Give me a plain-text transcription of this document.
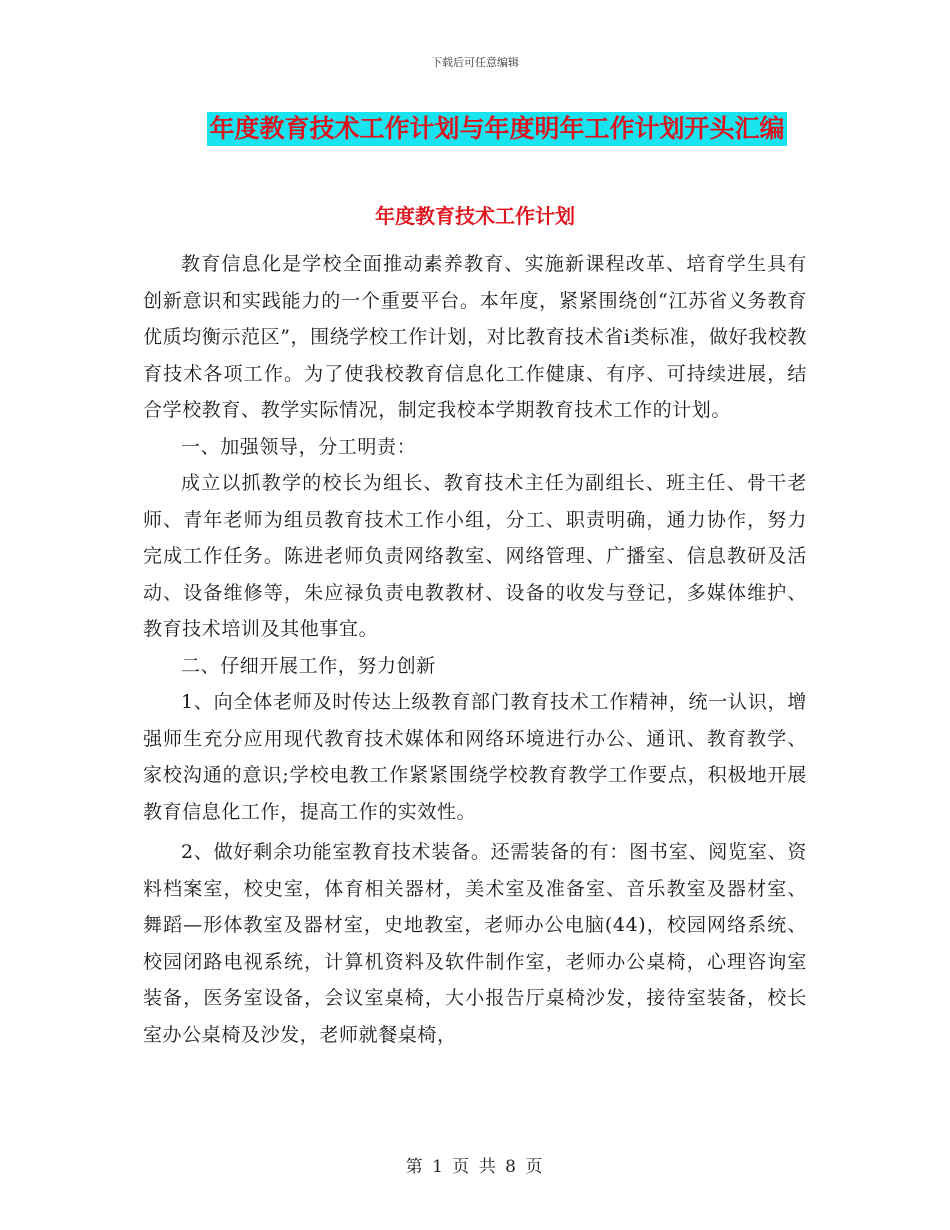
下载后可任意编辑
年度教育技术工作计划与年度明年工作计划开头汇编
年度教育技术工作计划

教育信息化是学校全面推动素养教育、实施新课程改革、培育学生具有创新意识和实践能力的一个重要平台。本年度，紧紧围绕创“江苏省义务教育优质均衡示范区”，围绕学校工作计划，对比教育技术省ⅰ类标准，做好我校教育技术各项工作。为了使我校教育信息化工作健康、有序、可持续进展，结合学校教育、教学实际情况，制定我校本学期教育技术工作的计划。

一、加强领导，分工明责：

成立以抓教学的校长为组长、教育技术主任为副组长、班主任、骨干老师、青年老师为组员教育技术工作小组，分工、职责明确，通力协作，努力完成工作任务。陈进老师负责网络教室、网络管理、广播室、信息教研及活动、设备维修等，朱应禄负责电教教材、设备的收发与登记，多媒体维护、教育技术培训及其他事宜。

二、仔细开展工作，努力创新

1、向全体老师及时传达上级教育部门教育技术工作精神，统一认识，增强师生充分应用现代教育技术媒体和网络环境进行办公、通讯、教育教学、家校沟通的意识;学校电教工作紧紧围绕学校教育教学工作要点，积极地开展教育信息化工作，提高工作的实效性。

2、做好剩余功能室教育技术装备。还需装备的有：图书室、阅览室、资料档案室，校史室，体育相关器材，美术室及准备室、音乐教室及器材室、舞蹈—形体教室及器材室，史地教室，老师办公电脑(44)，校园网络系统、校园闭路电视系统，计算机资料及软件制作室，老师办公桌椅，心理咨询室装备，医务室设备，会议室桌椅，大小报告厅桌椅沙发，接待室装备，校长室办公桌椅及沙发，老师就餐桌椅，

第 1 页 共 8 页
